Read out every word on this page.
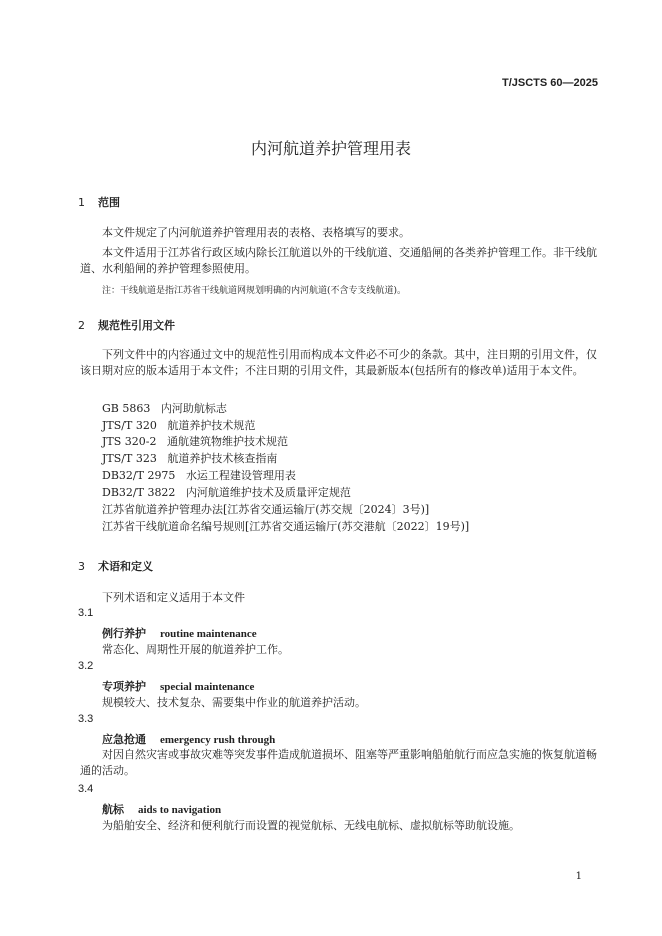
T/JSCTS 60—2025
内河航道养护管理用表
1 范围
本文件规定了内河航道养护管理用表的表格、表格填写的要求。
本文件适用于江苏省行政区域内除长江航道以外的干线航道、交通船闸的各类养护管理工作。非干线航道、水利船闸的养护管理参照使用。
注：干线航道是指江苏省干线航道网规划明确的内河航道(不含专支线航道)。
2 规范性引用文件
下列文件中的内容通过文中的规范性引用而构成本文件必不可少的条款。其中，注日期的引用文件，仅该日期对应的版本适用于本文件；不注日期的引用文件，其最新版本(包括所有的修改单)适用于本文件。
GB 5863 内河助航标志
JTS/T 320 航道养护技术规范
JTS 320-2 通航建筑物维护技术规范
JTS/T 323 航道养护技术核查指南
DB32/T 2975 水运工程建设管理用表
DB32/T 3822 内河航道维护技术及质量评定规范
江苏省航道养护管理办法[江苏省交通运输厅(苏交规〔2024〕3号)]
江苏省干线航道命名编号规则[江苏省交通运输厅(苏交港航〔2022〕19号)]
3 术语和定义
下列术语和定义适用于本文件
3.1
例行养护 routine maintenance
常态化、周期性开展的航道养护工作。
3.2
专项养护 special maintenance
规模较大、技术复杂、需要集中作业的航道养护活动。
3.3
应急抢通 emergency rush through
对因自然灾害或事故灾难等突发事件造成航道损坏、阻塞等严重影响船舶航行而应急实施的恢复航道畅通的活动。
3.4
航标 aids to navigation
为船舶安全、经济和便利航行而设置的视觉航标、无线电航标、虚拟航标等助航设施。
1
